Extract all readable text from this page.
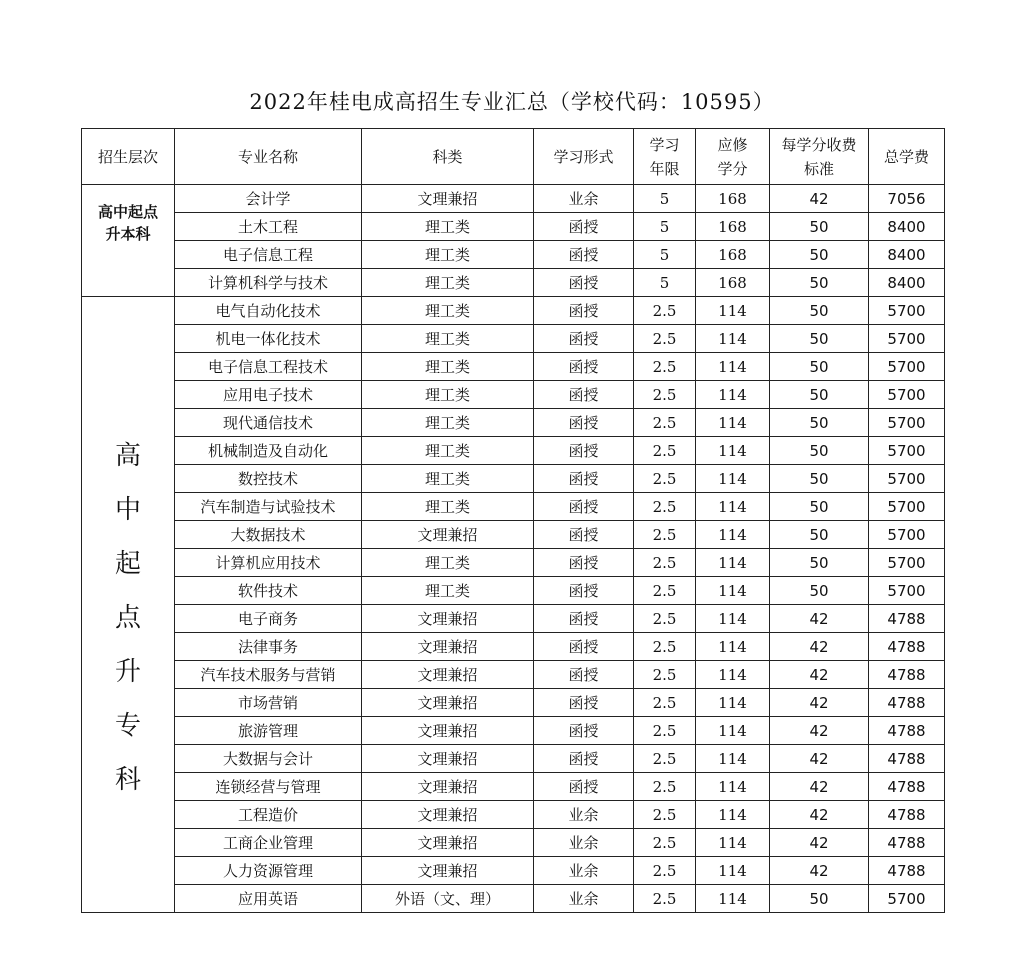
2022年桂电成高招生专业汇总（学校代码：10595）
招生层次	专业名称	科类	学习形式	学习年限	应修学分	每学分收费标准	总学费

高中起点升本科	会计学	文理兼招	业余	5	168	42	7056
	土木工程	理工类	函授	5	168	50	8400
	电子信息工程	理工类	函授	5	168	50	8400
	计算机科学与技术	理工类	函授	5	168	50	8400

高中起点升专科	电气自动化技术	理工类	函授	2.5	114	50	5700
	机电一体化技术	理工类	函授	2.5	114	50	5700
	电子信息工程技术	理工类	函授	2.5	114	50	5700
	应用电子技术	理工类	函授	2.5	114	50	5700
	现代通信技术	理工类	函授	2.5	114	50	5700
	机械制造及自动化	理工类	函授	2.5	114	50	5700
	数控技术	理工类	函授	2.5	114	50	5700
	汽车制造与试验技术	理工类	函授	2.5	114	50	5700
	大数据技术	文理兼招	函授	2.5	114	50	5700
	计算机应用技术	理工类	函授	2.5	114	50	5700
	软件技术	理工类	函授	2.5	114	50	5700
	电子商务	文理兼招	函授	2.5	114	42	4788
	法律事务	文理兼招	函授	2.5	114	42	4788
	汽车技术服务与营销	文理兼招	函授	2.5	114	42	4788
	市场营销	文理兼招	函授	2.5	114	42	4788
	旅游管理	文理兼招	函授	2.5	114	42	4788
	大数据与会计	文理兼招	函授	2.5	114	42	4788
	连锁经营与管理	文理兼招	函授	2.5	114	42	4788
	工程造价	文理兼招	业余	2.5	114	42	4788
	工商企业管理	文理兼招	业余	2.5	114	42	4788
	人力资源管理	文理兼招	业余	2.5	114	42	4788
	应用英语	外语（文、理）	业余	2.5	114	50	5700
